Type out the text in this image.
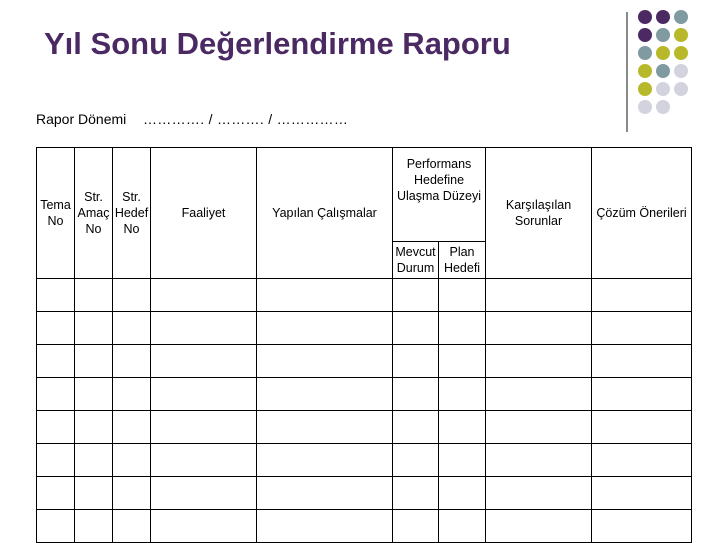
Yıl Sonu Değerlendirme Raporu
Rapor Dönemi …………. / ………. / ……………
Tema No	Str. Amaç No	Str. Hedef No	Faaliyet	Yapılan Çalışmalar	Performans Hedefine Ulaşma Düzeyi		Karşılaşılan Sorunlar	Çözüm Önerileri
					Mevcut Durum	Plan Hedefi		
